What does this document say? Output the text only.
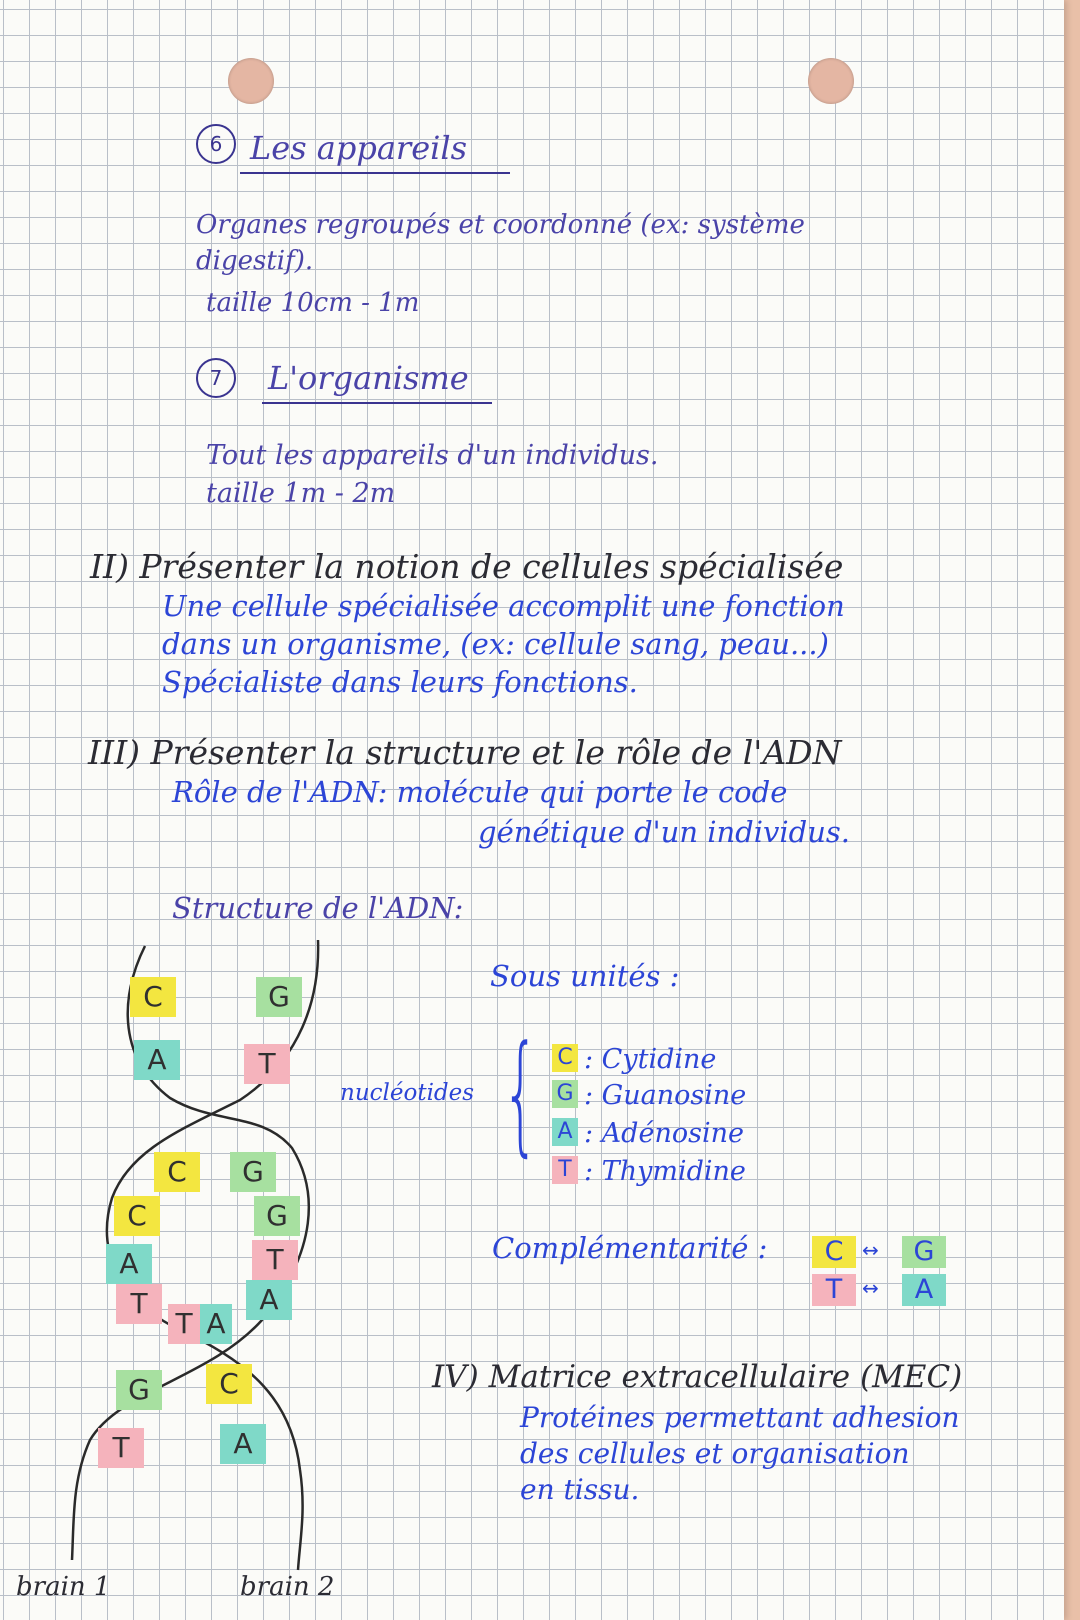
6 Les appareils
Organes regroupés et coordonné (ex: système
digestif).
taille 10cm - 1m
7	L'organisme
Tout les appareils d'un individus.
taille 1m - 2m
II) Présenter la notion de cellules spécialisée
Une cellule spécialisée accomplit une fonction
dans un organisme, (ex: cellule sang, peau...)
Spécialiste dans leurs fonctions.
III) Présenter la structure et le rôle de l'ADN
Rôle de l'ADN: molécule qui porte le code
génétique d'un individus.
Structure de l'ADN:
C	G
A	T
C	G
C	G
A	T
T	A
T A
G	C
T	A
brain 1	brain 2
Sous unités :
nucléotides { C : Cytidine
G : Guanosine
A : Adénosine
T : Thymidine
Complémentarité :	C ↔	G
T ↔	A
IV) Matrice extracellulaire (MEC)
Protéines permettant adhesion
des cellules et organisation
en tissu.
